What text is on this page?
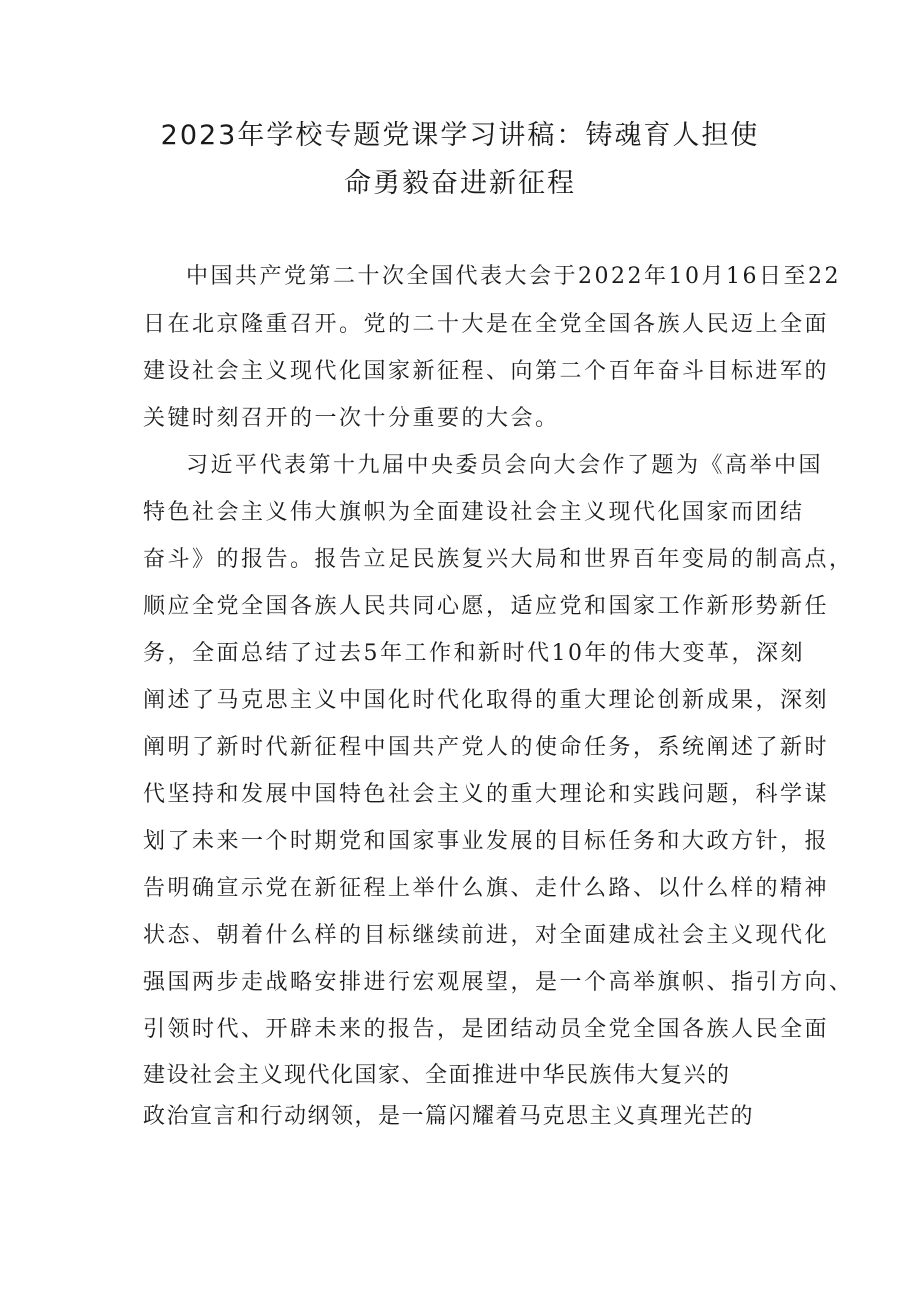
2023年学校专题党课学习讲稿：铸魂育人担使
命勇毅奋进新征程
中国共产党第二十次全国代表大会于2022年10月16日至22
日在北京隆重召开。党的二十大是在全党全国各族人民迈上全面
建设社会主义现代化国家新征程、向第二个百年奋斗目标进军的
关键时刻召开的一次十分重要的大会。
习近平代表第十九届中央委员会向大会作了题为《高举中国
特色社会主义伟大旗帜为全面建设社会主义现代化国家而团结
奋斗》的报告。报告立足民族复兴大局和世界百年变局的制高点，
顺应全党全国各族人民共同心愿，适应党和国家工作新形势新任
务，全面总结了过去5年工作和新时代10年的伟大变革，深刻
阐述了马克思主义中国化时代化取得的重大理论创新成果，深刻
阐明了新时代新征程中国共产党人的使命任务，系统阐述了新时
代坚持和发展中国特色社会主义的重大理论和实践问题，科学谋
划了未来一个时期党和国家事业发展的目标任务和大政方针，报
告明确宣示党在新征程上举什么旗、走什么路、以什么样的精神
状态、朝着什么样的目标继续前进，对全面建成社会主义现代化
强国两步走战略安排进行宏观展望，是一个高举旗帜、指引方向、
引领时代、开辟未来的报告，是团结动员全党全国各族人民全面
建设社会主义现代化国家、全面推进中华民族伟大复兴的
政治宣言和行动纲领，是一篇闪耀着马克思主义真理光芒的
